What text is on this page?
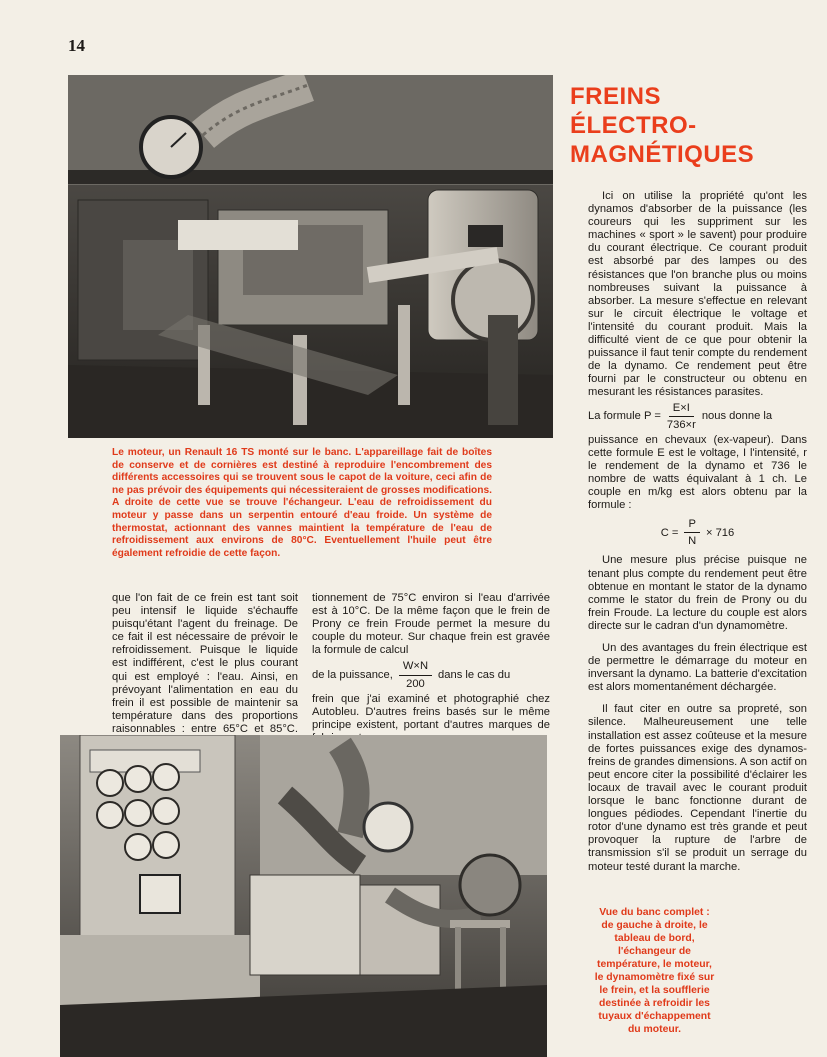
14
FREINS
ÉLECTRO-
MAGNÉTIQUES
Le moteur, un Renault 16 TS monté sur le banc. L'appareillage fait de boîtes de conserve et de cornières est destiné à reproduire l'encombrement des différents accessoires qui se trouvent sous le capot de la voiture, ceci afin de ne pas prévoir des équipements qui nécessiteraient de grosses modifications. A droite de cette vue se trouve l'échangeur. L'eau de refroidissement du moteur y passe dans un serpentin entouré d'eau froide. Un système de thermostat, actionnant des vannes maintient la température de l'eau de refroidissement aux environs de 80°C. Eventuellement l'huile peut être également refroidie de cette façon.

que l'on fait de ce frein est tant soit peu intensif le liquide s'échauffe puisqu'étant l'agent du freinage. De ce fait il est nécessaire de prévoir le refroidissement. Puisque le liquide est indifférent, c'est le plus courant qui est employé : l'eau. Ainsi, en prévoyant l'alimentation en eau du frein il est possible de maintenir sa température dans des proportions raisonnables : entre 65°C et 85°C.

tionnement de 75°C environ si l'eau d'arrivée est à 10°C. De la même façon que le frein de Prony ce frein Froude permet la mesure du couple du moteur. Sur chaque frein est gravée la formule de calcul

de la puissance, $\frac{W\times N}{200}$ dans le cas du

frein que j'ai examiné et photographié chez Autobleu. D'autres freins basés sur le même principe existent, portant d'autres marques de

Ici on utilise la propriété qu'ont les dynamos d'absorber de la puissance (les coureurs qui les suppriment sur les machines « sport » le savent) pour produire du courant électrique. Ce courant produit est absorbé par des lampes ou des résistances que l'on branche plus ou moins nombreuses suivant la puissance à absorber. La mesure s'effectue en relevant sur le circuit électrique le voltage et l'intensité du courant produit. Mais la difficulté vient de ce que pour obtenir la puissance il faut tenir compte du rendement de la dynamo. Ce rendement peut être fourni par le constructeur ou obtenu en mesurant les résistances parasites.

La formule $P = \frac{E\times I}{736\times r}$ nous donne la

puissance en chevaux (ex-vapeur). Dans cette formule E est le voltage, I l'intensité, r le rendement de la dynamo et 736 le nombre de watts équivalant à 1 ch. Le couple en m/kg est alors obtenu par la formule :

$C = \frac{P}{N} \times 716$

Une mesure plus précise puisque ne tenant plus compte du rendement peut être obtenue en montant le stator de la dynamo comme le stator du frein de Prony ou du frein Froude. La lecture du couple est alors directe sur le cadran d'un dynamomètre.

Un des avantages du frein électrique est de permettre le démarrage du moteur en inversant la dynamo. La batterie d'excitation est alors momentanément déchargée.

Il faut citer en outre sa propreté, son silence. Malheureusement une telle installation est assez coûteuse et la mesure de fortes puissances exige des dynamos-freins de grandes dimensions. A son actif on peut encore citer la possibilité d'éclairer les locaux de travail avec le courant produit lorsque le banc fonctionne durant de longues pédiodes. Cependant l'inertie du rotor d'une dynamo est très grande et peut provoquer la rupture de l'arbre de transmission s'il se produit un serrage du moteur testé durant la marche.

Vue du banc complet : de gauche à droite, le tableau de bord, l'échangeur de température, le moteur, le dynamomètre fixé sur le frein, et la soufflerie destinée à refroidir les tuyaux d'échappement du moteur.
